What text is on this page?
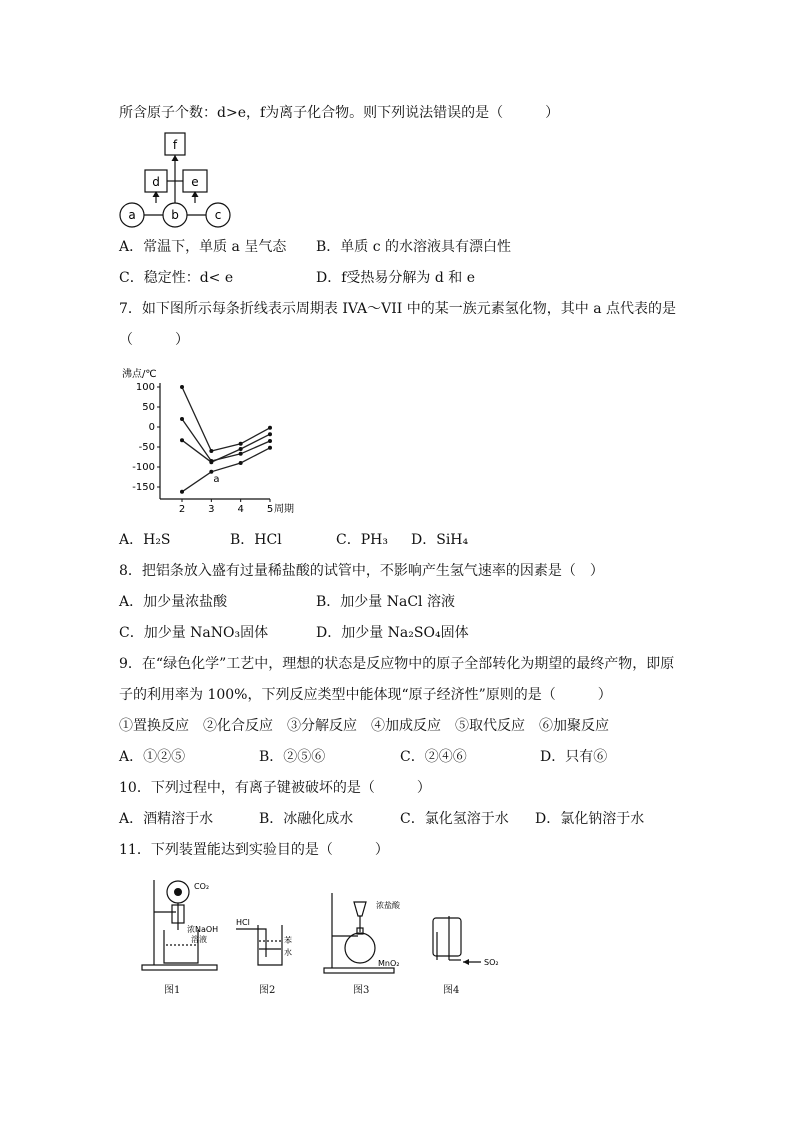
所含原子个数：d>e，f为离子化合物。则下列说法错误的是（　　　）
f
d	e
a	b	c
A．常温下，单质 a 呈气态 B．单质 c 的水溶液具有漂白性
C．稳定性：d< e	D．f受热易分解为 d 和 e
7．如下图所示每条折线表示周期表 IVA～VII 中的某一族元素氢化物，其中 a 点代表的是
（　　　）
沸点/℃
100
50
0
-50
-100
-150
2 3 4 5
a
周期
A．H₂S	B．HCl	C．PH₃ D．SiH₄
8．把铝条放入盛有过量稀盐酸的试管中，不影响产生氢气速率的因素是（　）
A．加少量浓盐酸	B．加少量 NaCl 溶液
C．加少量 NaNO₃固体	D．加少量 Na₂SO₄固体
9．在“绿色化学”工艺中，理想的状态是反应物中的原子全部转化为期望的最终产物，即原
子的利用率为 100%，下列反应类型中能体现“原子经济性”原则的是（　　　）
①置换反应　②化合反应　③分解反应　④加成反应　⑤取代反应　⑥加聚反应
A．①②⑤	B．②⑤⑥	C．②④⑥	D．只有⑥
10．下列过程中，有离子键被破坏的是（　　　）
A．酒精溶于水	B．冰融化成水	C．氯化氢溶于水 D．氯化钠溶于水
11．下列装置能达到实验目的是（　　　）
CO₂
浓NaOH
溶液
图1
HCl
苯
水
图2
浓盐酸
MnO₂
图3
SO₂
图4
